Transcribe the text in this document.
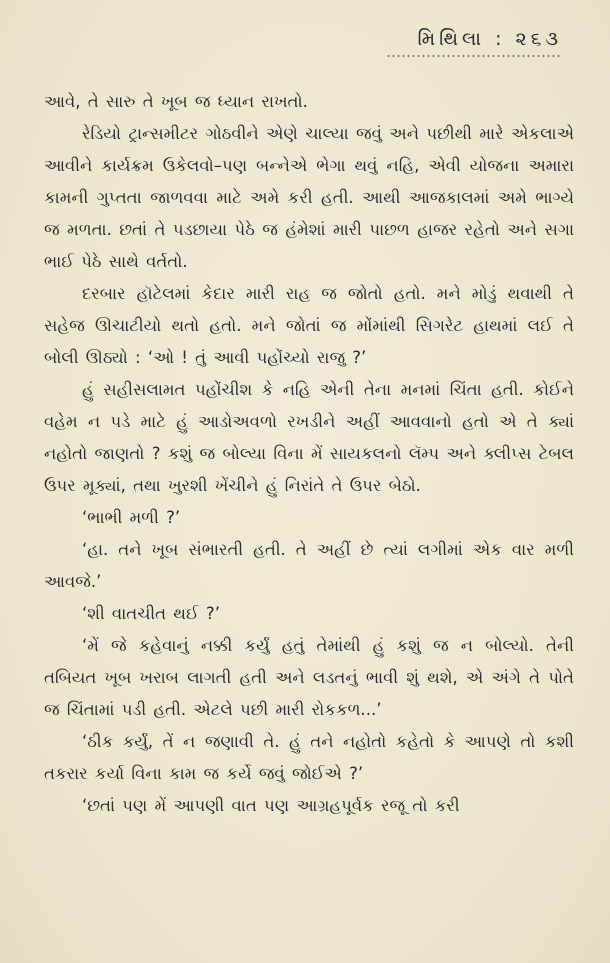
મિથિલા : ૨૬૩

આવે, તે સારુ તે ખૂબ જ ધ્યાન રાખતો.

રેડિયો ટ્રાન્સમીટર ગોઠવીને એણે ચાલ્યા જવું અને પછીથી મારે એકલાએ આવીને કાર્યક્રમ ઉકેલવો–પણ બન્નેએ ભેગા થવું નહિ, એવી યોજના અમારા કામની ગુપ્તતા જાળવવા માટે અમે કરી હતી. આથી આજકાલમાં અમે ભાગ્યે જ મળતા. છતાં તે પડછાયા પેઠે જ હંમેશાં મારી પાછળ હાજર રહેતો અને સગા ભાઈ પેઠે સાથે વર્તતો.

દરબાર હૉટેલમાં કેદાર મારી રાહ જ જોતો હતો. મને મોડું થવાથી તે સહેજ ઊચાટીયો થતો હતો. મને જોતાં જ મોંમાંથી સિગરેટ હાથમાં લઈ તે બોલી ઊઠ્યો : ‘ઓ ! તું આવી પહોંચ્યો રાજુ ?’

હું સહીસલામત પહોંચીશ કે નહિ એની તેના મનમાં ચિંતા હતી. કોઈને વહેમ ન પડે માટે હું આડોઅવળો રખડીને અહીં આવવાનો હતો એ તે ક્યાં નહોતો જાણતો ? કશું જ બોલ્યા વિના મેં સાયકલનો લૅમ્પ અને ક્લીપ્સ ટેબલ ઉપર મૂક્યાં, તથા ખુરશી ખેંચીને હું નિરાંતે તે ઉપર બેઠો.

‘ભાભી મળી ?’

‘હા. તને ખૂબ સંભારતી હતી. તે અહીં છે ત્યાં લગીમાં એક વાર મળી આવજે.’

‘શી વાતચીત થઈ ?’

‘મેં જે કહેવાનું નક્કી કર્યું હતું તેમાંથી હું કશું જ ન બોલ્યો. તેની તબિયત ખૂબ ખરાબ લાગતી હતી અને લડતનું ભાવી શું થશે, એ અંગે તે પોતે જ ચિંતામાં પડી હતી. એટલે પછી મારી રોકકળ...’

‘ઠીક કર્યું, તેં ન જણાવી તે. હું તને નહોતો કહેતો કે આપણે તો કશી તકરાર કર્યા વિના કામ જ કર્યે જવું જોઈએ ?’

‘છતાં પણ મેં આપણી વાત પણ આગ્રહપૂર્વક રજૂ તો કરી
